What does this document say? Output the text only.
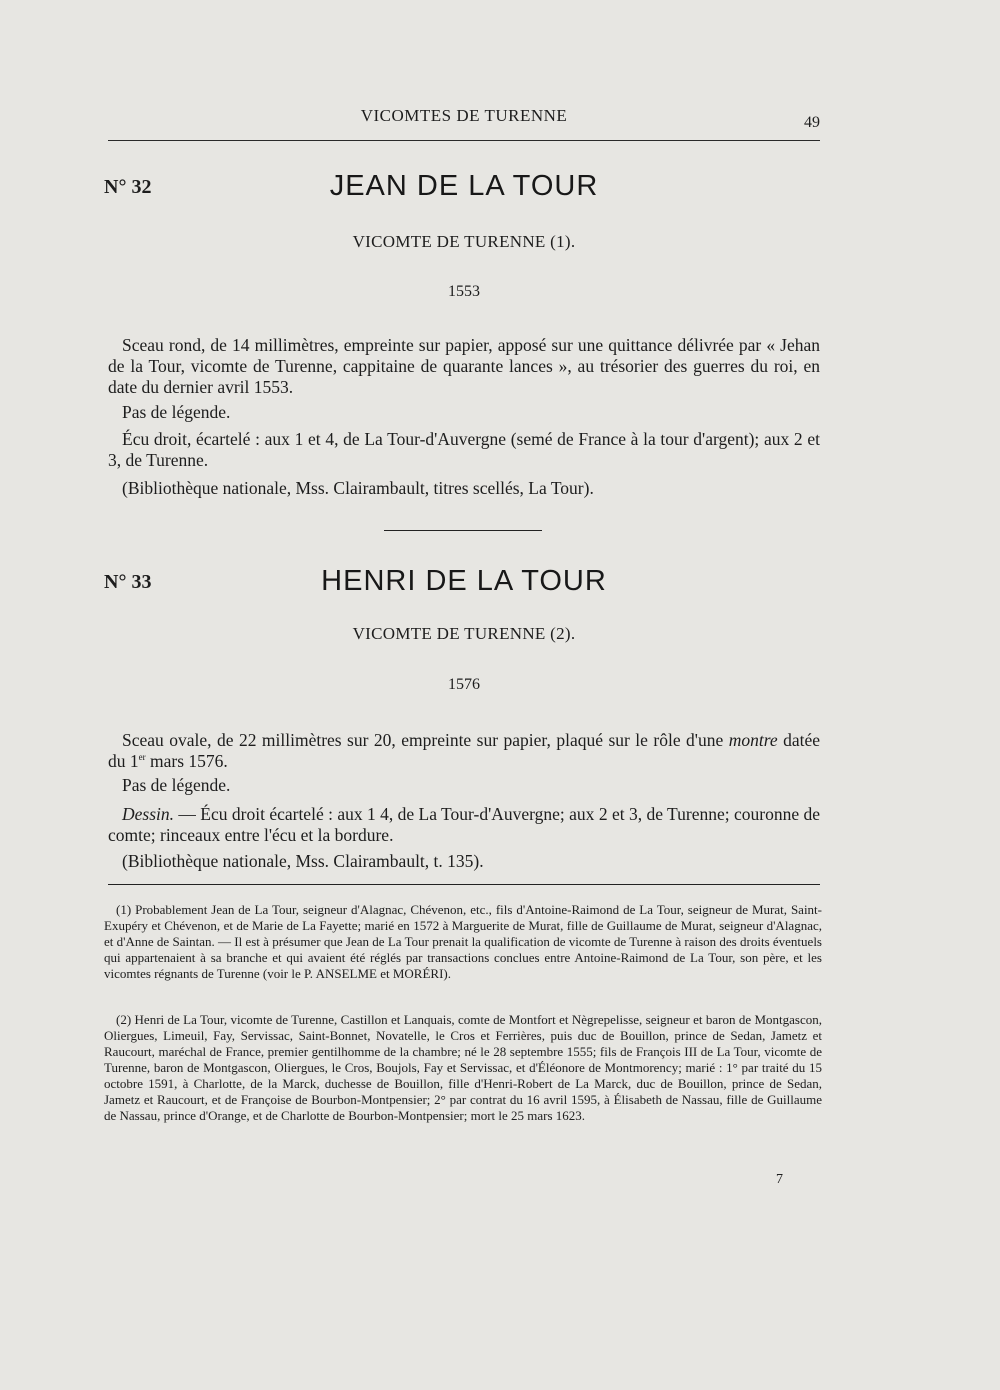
VICOMTES DE TURENNE	49
N° 32	JEAN DE LA TOUR
VICOMTE DE TURENNE (1).
1553

Sceau rond, de 14 millimètres, empreinte sur papier, apposé sur une quittance délivrée par « Jehan de la Tour, vicomte de Turenne, cappitaine de quarante lances », au trésorier des guerres du roi, en date du dernier avril 1553.

Pas de légende.

Écu droit, écartelé : aux 1 et 4, de La Tour-d'Auvergne (semé de France à la tour d'argent); aux 2 et 3, de Turenne.

(Bibliothèque nationale, Mss. Clairambault, titres scellés, La Tour).

N° 33	HENRI DE LA TOUR
VICOMTE DE TURENNE (2).
1576

Sceau ovale, de 22 millimètres sur 20, empreinte sur papier, plaqué sur le rôle d'une montre datée du 1er mars 1576.

Pas de légende.

Dessin. — Écu droit écartelé : aux 1 4, de La Tour-d'Auvergne; aux 2 et 3, de Turenne; couronne de comte; rinceaux entre l'écu et la bordure.

(Bibliothèque nationale, Mss. Clairambault, t. 135).

(1) Probablement Jean de La Tour, seigneur d'Alagnac, Chévenon, etc., fils d'Antoine-Raimond de La Tour, seigneur de Murat, Saint-Exupéry et Chévenon, et de Marie de La Fayette; marié en 1572 à Marguerite de Murat, fille de Guillaume de Murat, seigneur d'Alagnac, et d'Anne de Saintan. — Il est à présumer que Jean de La Tour prenait la qualification de vicomte de Turenne à raison des droits éventuels qui appartenaient à sa branche et qui avaient été réglés par transactions conclues entre Antoine-Raimond de La Tour, son père, et les vicomtes régnants de Turenne (voir le P. ANSELME et MORÉRI).

(2) Henri de La Tour, vicomte de Turenne, Castillon et Lanquais, comte de Montfort et Nègrepelisse, seigneur et baron de Montgascon, Oliergues, Limeuil, Fay, Servissac, Saint-Bonnet, Novatelle, le Cros et Ferrières, puis duc de Bouillon, prince de Sedan, Jametz et Raucourt, maréchal de France, premier gentilhomme de la chambre; né le 28 septembre 1555; fils de François III de La Tour, vicomte de Turenne, baron de Montgascon, Oliergues, le Cros, Boujols, Fay et Servissac, et d'Éléonore de Montmorency; marié : 1° par traité du 15 octobre 1591, à Charlotte, de la Marck, duchesse de Bouillon, fille d'Henri-Robert de La Marck, duc de Bouillon, prince de Sedan, Jametz et Raucourt, et de Françoise de Bourbon-Montpensier; 2° par contrat du 16 avril 1595, à Élisabeth de Nassau, fille de Guillaume de Nassau, prince d'Orange, et de Charlotte de Bourbon-Montpensier; mort le 25 mars 1623.

7
